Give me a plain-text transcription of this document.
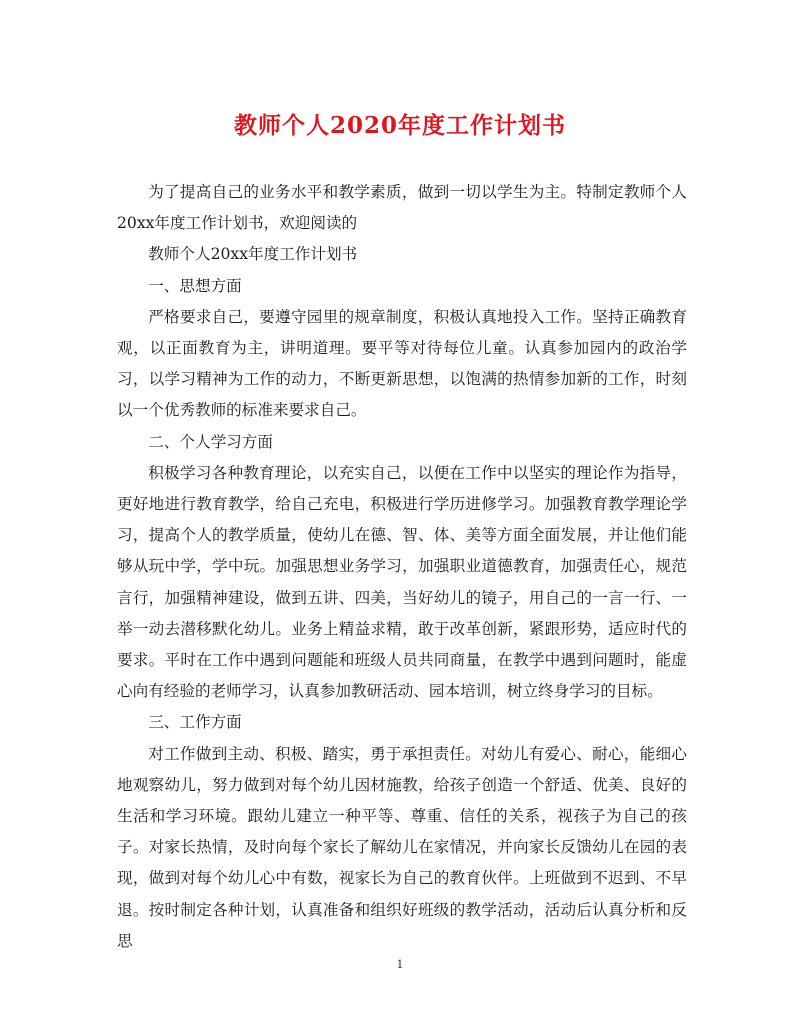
教师个人2020年度工作计划书

为了提高自己的业务水平和教学素质，做到一切以学生为主。特制定教师个人20xx年度工作计划书，欢迎阅读的

教师个人20xx年度工作计划书

一、思想方面

严格要求自己，要遵守园里的规章制度，积极认真地投入工作。坚持正确教育观，以正面教育为主，讲明道理。要平等对待每位儿童。认真参加园内的政治学习，以学习精神为工作的动力，不断更新思想，以饱满的热情参加新的工作，时刻以一个优秀教师的标准来要求自己。

二、个人学习方面

积极学习各种教育理论，以充实自己，以便在工作中以坚实的理论作为指导，更好地进行教育教学，给自己充电，积极进行学历进修学习。加强教育教学理论学习，提高个人的教学质量，使幼儿在德、智、体、美等方面全面发展，并让他们能够从玩中学，学中玩。加强思想业务学习，加强职业道德教育，加强责任心，规范言行，加强精神建设，做到五讲、四美，当好幼儿的镜子，用自己的一言一行、一举一动去潜移默化幼儿。业务上精益求精，敢于改革创新，紧跟形势，适应时代的要求。平时在工作中遇到问题能和班级人员共同商量，在教学中遇到问题时，能虚心向有经验的老师学习，认真参加教研活动、园本培训，树立终身学习的目标。

三、工作方面

对工作做到主动、积极、踏实，勇于承担责任。对幼儿有爱心、耐心，能细心地观察幼儿，努力做到对每个幼儿因材施教，给孩子创造一个舒适、优美、良好的生活和学习环境。跟幼儿建立一种平等、尊重、信任的关系，视孩子为自己的孩子。对家长热情，及时向每个家长了解幼儿在家情况，并向家长反馈幼儿在园的表现，做到对每个幼儿心中有数，视家长为自己的教育伙伴。上班做到不迟到、不早退。按时制定各种计划，认真准备和组织好班级的教学活动，活动后认真分析和反思

1
